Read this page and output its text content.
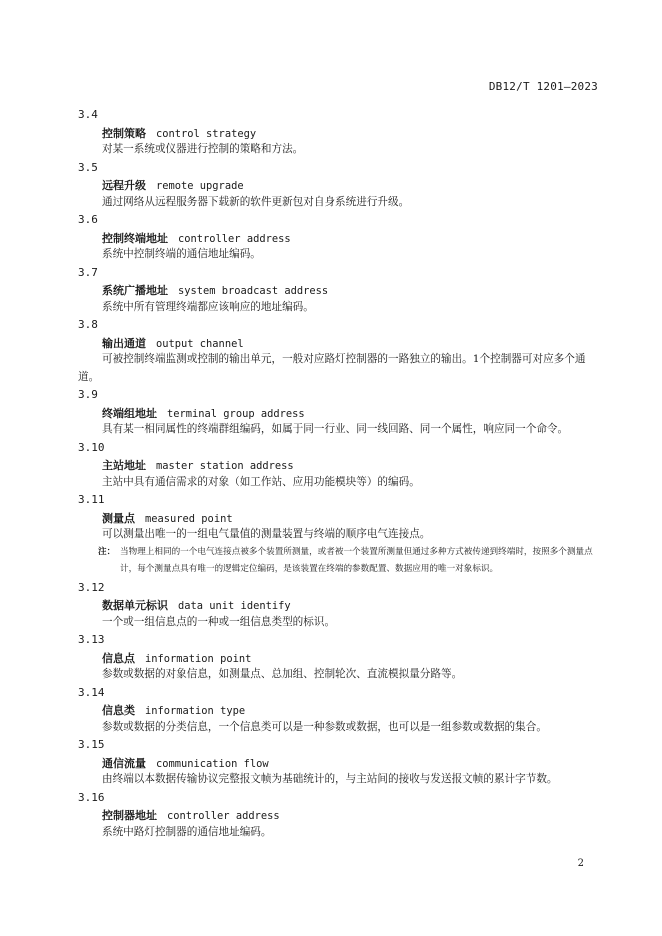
DB12/T 1201—2023
3.4
控制策略 control strategy
对某一系统或仪器进行控制的策略和方法。
3.5
远程升级 remote upgrade
通过网络从远程服务器下载新的软件更新包对自身系统进行升级。
3.6
控制终端地址 controller address
系统中控制终端的通信地址编码。
3.7
系统广播地址 system broadcast address
系统中所有管理终端都应该响应的地址编码。
3.8
输出通道 output channel
可被控制终端监测或控制的输出单元，一般对应路灯控制器的一路独立的输出。1个控制器可对应多个通道。
3.9
终端组地址 terminal group address
具有某一相同属性的终端群组编码，如属于同一行业、同一线回路、同一个属性，响应同一个命令。
3.10
主站地址 master station address
主站中具有通信需求的对象（如工作站、应用功能模块等）的编码。
3.11
测量点 measured point
可以测量出唯一的一组电气量值的测量装置与终端的顺序电气连接点。
注： 当物理上相同的一个电气连接点被多个装置所测量，或者被一个装置所测量但通过多种方式被传递到终端时，按照多个测量点计，每个测量点具有唯一的逻辑定位编码，是该装置在终端的参数配置、数据应用的唯一对象标识。
3.12
数据单元标识 data unit identify
一个或一组信息点的一种或一组信息类型的标识。
3.13
信息点 information point
参数或数据的对象信息，如测量点、总加组、控制轮次、直流模拟量分路等。
3.14
信息类 information type
参数或数据的分类信息，一个信息类可以是一种参数或数据，也可以是一组参数或数据的集合。
3.15
通信流量 communication flow
由终端以本数据传输协议完整报文帧为基础统计的，与主站间的接收与发送报文帧的累计字节数。
3.16
控制器地址 controller address
系统中路灯控制器的通信地址编码。
2
